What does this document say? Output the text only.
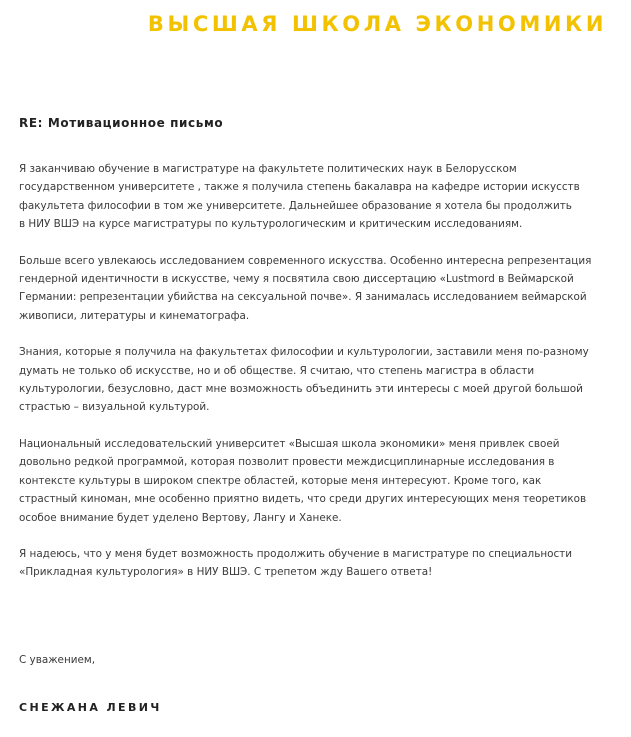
ВЫСШАЯ ШКОЛА ЭКОНОМИКИ
RE: Мотивационное письмо

Я заканчиваю обучение в магистратуре на факультете политических наук в Белорусском
государственном университете , также я получила степень бакалавра на кафедре истории искусств
факультета философии в том же университете. Дальнейшее образование я хотела бы продолжить
в НИУ ВШЭ на курсе магистратуры по культурологическим и критическим исследованиям.

Больше всего увлекаюсь исследованием современного искусства. Особенно интересна репрезентация
гендерной идентичности в искусстве, чему я посвятила свою диссертацию «Lustmord в Веймарской
Германии: репрезентации убийства на сексуальной почве». Я занималась исследованием веймарской
живописи, литературы и кинематографа.

Знания, которые я получила на факультетах философии и культурологии, заставили меня по-разному
думать не только об искусстве, но и об обществе. Я считаю, что степень магистра в области
культурологии, безусловно, даст мне возможность объединить эти интересы с моей другой большой
страстью – визуальной культурой.

Национальный исследовательский университет «Высшая школа экономики» меня привлек своей
довольно редкой программой, которая позволит провести междисциплинарные исследования в
контексте культуры в широком спектре областей, которые меня интересуют. Кроме того, как
страстный киноман, мне особенно приятно видеть, что среди других интересующих меня теоретиков
особое внимание будет уделено Вертову, Лангу и Ханеке.

Я надеюсь, что у меня будет возможность продолжить обучение в магистратуре по специальности
«Прикладная культурология» в НИУ ВШЭ. С трепетом жду Вашего ответа!

С уважением,
СНЕЖАНА ЛЕВИЧ
